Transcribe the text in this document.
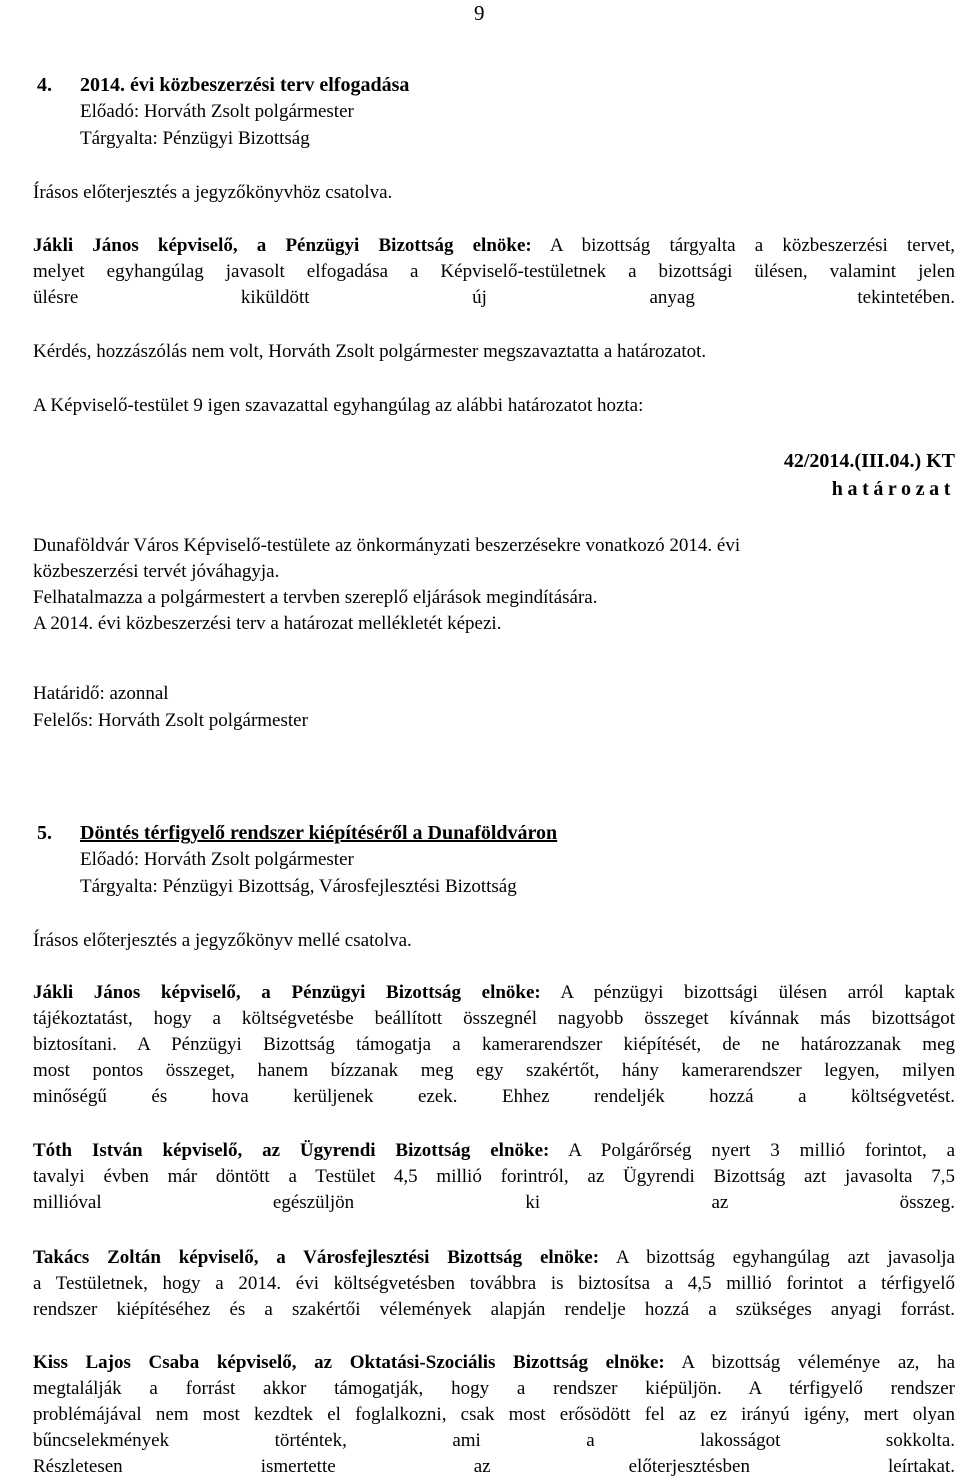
9
4. 2014. évi közbeszerzési terv elfogadása
Előadó: Horváth Zsolt polgármester
Tárgyalta: Pénzügyi Bizottság
Írásos előterjesztés a jegyzőkönyvhöz csatolva.
Jákli János képviselő, a Pénzügyi Bizottság elnöke: A bizottság tárgyalta a közbeszerzési tervet,
melyet egyhangúlag javasolt elfogadása a Képviselő-testületnek a bizottsági ülésen, valamint jelen
ülésre kiküldött új anyag tekintetében.
Kérdés, hozzászólás nem volt, Horváth Zsolt polgármester megszavaztatta a határozatot.
A Képviselő-testület 9 igen szavazattal egyhangúlag az alábbi határozatot hozta:
42/2014.(III.04.) KT
határozat
Dunaföldvár Város Képviselő-testülete az önkormányzati beszerzésekre vonatkozó 2014. évi
közbeszerzési tervét jóváhagyja.
Felhatalmazza a polgármestert a tervben szereplő eljárások megindítására.
A 2014. évi közbeszerzési terv a határozat mellékletét képezi.
Határidő: azonnal
Felelős: Horváth Zsolt polgármester
5. Döntés térfigyelő rendszer kiépítéséről a Dunaföldváron
Előadó: Horváth Zsolt polgármester
Tárgyalta: Pénzügyi Bizottság, Városfejlesztési Bizottság
Írásos előterjesztés a jegyzőkönyv mellé csatolva.
Jákli János képviselő, a Pénzügyi Bizottság elnöke: A pénzügyi bizottsági ülésen arról kaptak
tájékoztatást, hogy a költségvetésbe beállított összegnél nagyobb összeget kívánnak más bizottságot
biztosítani. A Pénzügyi Bizottság támogatja a kamerarendszer kiépítését, de ne határozzanak meg
most pontos összeget, hanem bízzanak meg egy szakértőt, hány kamerarendszer legyen, milyen
minőségű és hova kerüljenek ezek. Ehhez rendeljék hozzá a költségvetést.
Tóth István képviselő, az Ügyrendi Bizottság elnöke: A Polgárőrség nyert 3 millió forintot, a
tavalyi évben már döntött a Testület 4,5 millió forintról, az Ügyrendi Bizottság azt javasolta 7,5
millióval egészüljön ki az összeg.
Takács Zoltán képviselő, a Városfejlesztési Bizottság elnöke: A bizottság egyhangúlag azt javasolja
a Testületnek, hogy a 2014. évi költségvetésben továbbra is biztosítsa a 4,5 millió forintot a térfigyelő
rendszer kiépítéséhez és a szakértői vélemények alapján rendelje hozzá a szükséges anyagi forrást.
Kiss Lajos Csaba képviselő, az Oktatási-Szociális Bizottság elnöke: A bizottság véleménye az, ha
megtalálják a forrást akkor támogatják, hogy a rendszer kiépüljön. A térfigyelő rendszer
problémájával nem most kezdtek el foglalkozni, csak most erősödött fel az ez irányú igény, mert olyan
bűncselekmények történtek, ami a lakosságot sokkolta.
Részletesen ismertette az előterjesztésben leírtakat.
